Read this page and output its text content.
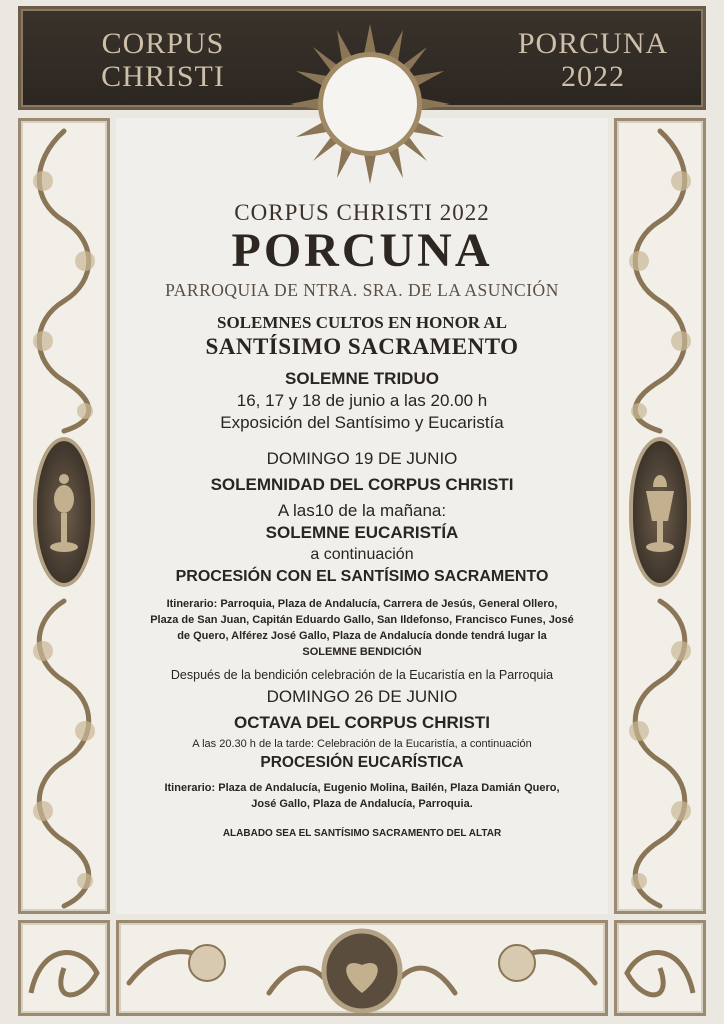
CORPUS
CHRISTI
PORCUNA
2022
CORPUS CHRISTI 2022
PORCUNA
PARROQUIA DE NTRA. SRA. DE LA ASUNCIÓN
SOLEMNES CULTOS EN HONOR AL
SANTÍSIMO SACRAMENTO
SOLEMNE TRIDUO
16, 17 y 18 de junio a las 20.00 h
Exposición del Santísimo y Eucaristía
DOMINGO 19 DE JUNIO
SOLEMNIDAD DEL CORPUS CHRISTI
A las10 de la mañana:
SOLEMNE EUCARISTÍA
a continuación
PROCESIÓN CON EL SANTÍSIMO SACRAMENTO
Itinerario: Parroquia, Plaza de Andalucía, Carrera de Jesús, General Ollero,
Plaza de San Juan, Capitán Eduardo Gallo, San Ildefonso, Francisco Funes, José
de Quero, Alférez José Gallo, Plaza de Andalucía donde tendrá lugar la
SOLEMNE BENDICIÓN
Después de la bendición celebración de la Eucaristía en la Parroquia
DOMINGO 26 DE JUNIO
OCTAVA DEL CORPUS CHRISTI
A las 20.30 h de la tarde: Celebración de la Eucaristía, a continuación
PROCESIÓN EUCARÍSTICA
Itinerario: Plaza de Andalucía, Eugenio Molina, Bailén, Plaza Damián Quero,
José Gallo, Plaza de Andalucía, Parroquia.
ALABADO SEA EL SANTÍSIMO SACRAMENTO DEL ALTAR
